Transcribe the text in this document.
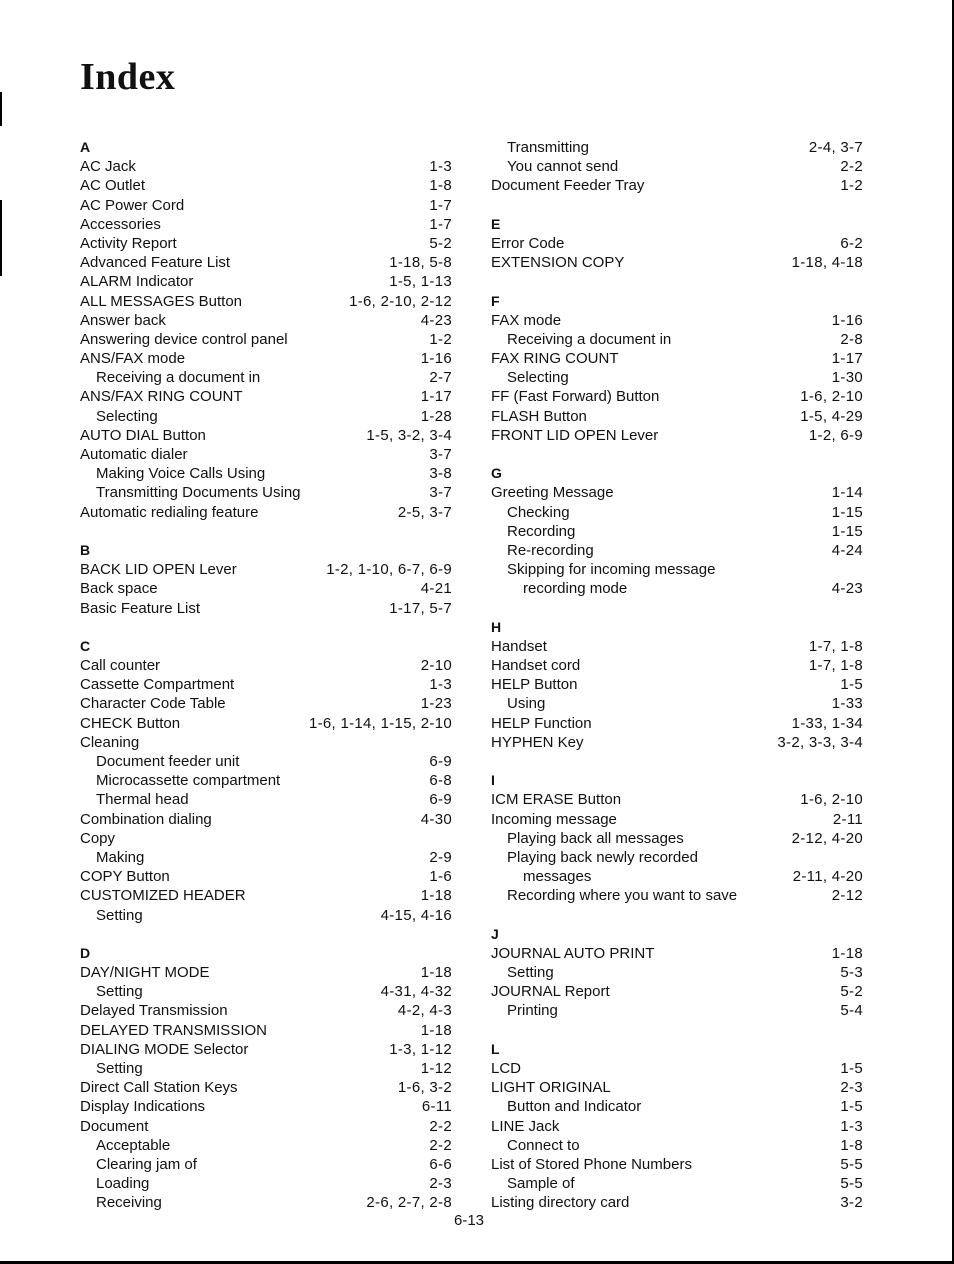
Index
A
AC Jack	1-3
AC Outlet	1-8
AC Power Cord	1-7
Accessories	1-7
Activity Report	5-2
Advanced Feature List	1-18, 5-8
ALARM Indicator	1-5, 1-13
ALL MESSAGES Button	1-6, 2-10, 2-12
Answer back	4-23
Answering device control panel	1-2
ANS/FAX mode	1-16
Receiving a document in	2-7
ANS/FAX RING COUNT	1-17
Selecting	1-28
AUTO DIAL Button	1-5, 3-2, 3-4
Automatic dialer	3-7
Making Voice Calls Using	3-8
Transmitting Documents Using	3-7
Automatic redialing feature	2-5, 3-7
B
BACK LID OPEN Lever	1-2, 1-10, 6-7, 6-9
Back space	4-21
Basic Feature List	1-17, 5-7
C
Call counter	2-10
Cassette Compartment	1-3
Character Code Table	1-23
CHECK Button	1-6, 1-14, 1-15, 2-10
Cleaning
Document feeder unit	6-9
Microcassette compartment	6-8
Thermal head	6-9
Combination dialing	4-30
Copy
Making	2-9
COPY Button	1-6
CUSTOMIZED HEADER	1-18
Setting	4-15, 4-16
D
DAY/NIGHT MODE	1-18
Setting	4-31, 4-32
Delayed Transmission	4-2, 4-3
DELAYED TRANSMISSION	1-18
DIALING MODE Selector	1-3, 1-12
Setting	1-12
Direct Call Station Keys	1-6, 3-2
Display Indications	6-11
Document	2-2
Acceptable	2-2
Clearing jam of	6-6
Loading	2-3
Receiving	2-6, 2-7, 2-8
Transmitting	2-4, 3-7
You cannot send	2-2
Document Feeder Tray	1-2
E
Error Code	6-2
EXTENSION COPY	1-18, 4-18
F
FAX mode	1-16
Receiving a document in	2-8
FAX RING COUNT	1-17
Selecting	1-30
FF (Fast Forward) Button	1-6, 2-10
FLASH Button	1-5, 4-29
FRONT LID OPEN Lever	1-2, 6-9
G
Greeting Message	1-14
Checking	1-15
Recording	1-15
Re-recording	4-24
Skipping for incoming message
recording mode	4-23
H
Handset	1-7, 1-8
Handset cord	1-7, 1-8
HELP Button	1-5
Using	1-33
HELP Function	1-33, 1-34
HYPHEN Key	3-2, 3-3, 3-4
I
ICM ERASE Button	1-6, 2-10
Incoming message	2-11
Playing back all messages	2-12, 4-20
Playing back newly recorded
messages	2-11, 4-20
Recording where you want to save	2-12
J
JOURNAL AUTO PRINT	1-18
Setting	5-3
JOURNAL Report	5-2
Printing	5-4
L
LCD	1-5
LIGHT ORIGINAL	2-3
Button and Indicator	1-5
LINE Jack	1-3
Connect to	1-8
List of Stored Phone Numbers	5-5
Sample of	5-5
Listing directory card	3-2
6-13
